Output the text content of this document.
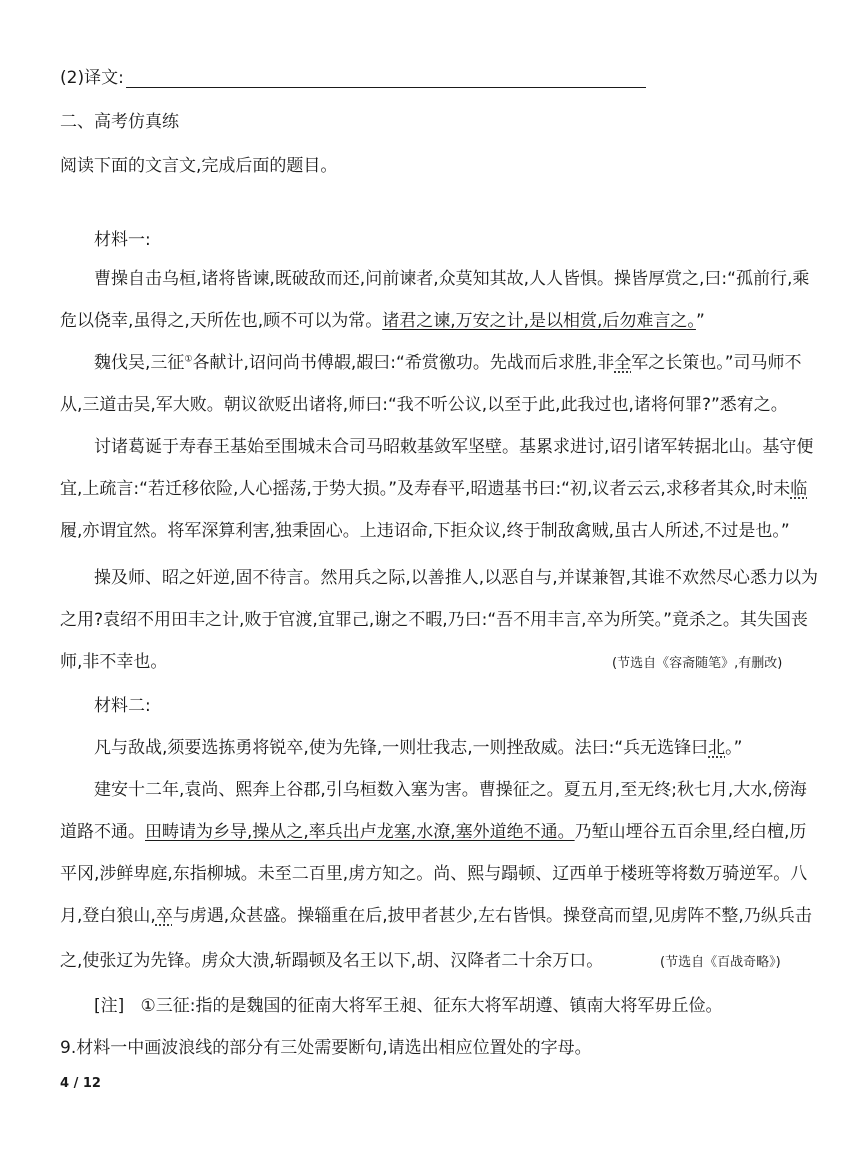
(2)译文:
二、高考仿真练
阅读下面的文言文,完成后面的题目。
材料一:
曹操自击乌桓,诸将皆谏,既破敌而还,问前谏者,众莫知其故,人人皆惧。操皆厚赏之,曰:“孤前行,乘
危以侥幸,虽得之,天所佐也,顾不可以为常。诸君之谏,万安之计,是以相赏,后勿难言之。”
魏伐吴,三征①各献计,诏问尚书傅嘏,嘏曰:“希赏徼功。先战而后求胜,非全军之长策也。”司马师不
从,三道击吴,军大败。朝议欲贬出诸将,师曰:“我不听公议,以至于此,此我过也,诸将何罪?”悉宥之。
讨诸葛诞于寿春王基始至围城未合司马昭敕基敛军坚壁。基累求进讨,诏引诸军转据北山。基守便
宜,上疏言:“若迁移依险,人心摇荡,于势大损。”及寿春平,昭遗基书曰:“初,议者云云,求移者其众,时未临
履,亦谓宜然。将军深算利害,独秉固心。上违诏命,下拒众议,终于制敌禽贼,虽古人所述,不过是也。”
操及师、昭之奸逆,固不待言。然用兵之际,以善推人,以恶自与,并谋兼智,其谁不欢然尽心悉力以为
之用?袁绍不用田丰之计,败于官渡,宜罪己,谢之不暇,乃曰:“吾不用丰言,卒为所笑。”竟杀之。其失国丧
师,非不幸也。	(节选自《容斋随笔》,有删改)
材料二:
凡与敌战,须要选拣勇将锐卒,使为先锋,一则壮我志,一则挫敌威。法曰:“兵无选锋曰北。”
建安十二年,袁尚、熙奔上谷郡,引乌桓数入塞为害。曹操征之。夏五月,至无终;秋七月,大水,傍海
道路不通。田畴请为乡导,操从之,率兵出卢龙塞,水潦,塞外道绝不通。乃堑山堙谷五百余里,经白檀,历
平冈,涉鲜卑庭,东指柳城。未至二百里,虏方知之。尚、熙与蹋顿、辽西单于楼班等将数万骑逆军。八
月,登白狼山,卒与虏遇,众甚盛。操辎重在后,披甲者甚少,左右皆惧。操登高而望,见虏阵不整,乃纵兵击
之,使张辽为先锋。虏众大溃,斩蹋顿及名王以下,胡、汉降者二十余万口。	(节选自《百战奇略》)
[注] ①三征:指的是魏国的征南大将军王昶、征东大将军胡遵、镇南大将军毋丘俭。
9.材料一中画波浪线的部分有三处需要断句,请选出相应位置处的字母。
4 / 12
